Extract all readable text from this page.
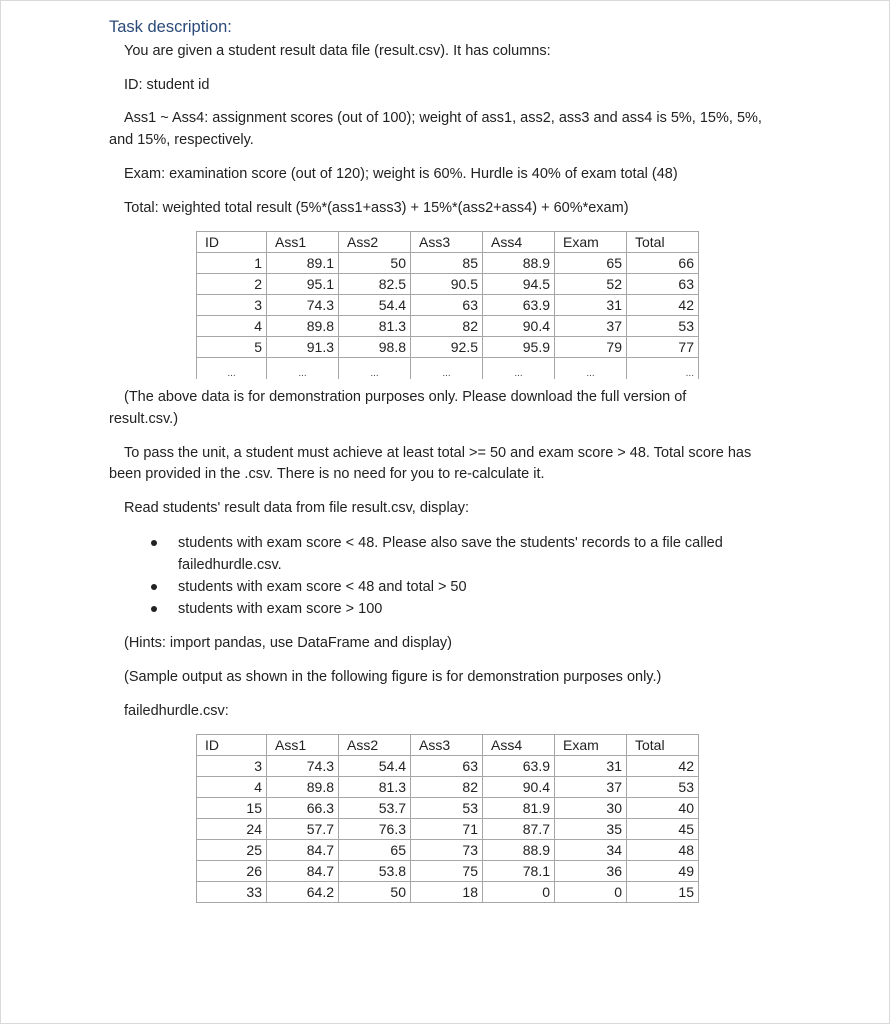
Task description:
You are given a student result data file (result.csv). It has columns:
ID: student id
Ass1 ~ Ass4: assignment scores (out of 100); weight of ass1, ass2, ass3 and ass4 is 5%, 15%, 5%,
and 15%, respectively.
Exam: examination score (out of 120); weight is 60%. Hurdle is 40% of exam total (48)
Total: weighted total result (5%*(ass1+ass3) + 15%*(ass2+ass4) + 60%*exam)
ID	Ass1	Ass2	Ass3	Ass4	Exam	Total
1	89.1	50	85	88.9	65	66
2	95.1	82.5	90.5	94.5	52	63
3	74.3	54.4	63	63.9	31	42
4	89.8	81.3	82	90.4	37	53
5	91.3	98.8	92.5	95.9	79	77
...	...	...	...	...	...	...
(The above data is for demonstration purposes only. Please download the full version of
result.csv.)
To pass the unit, a student must achieve at least total >= 50 and exam score > 48. Total score has
been provided in the .csv. There is no need for you to re-calculate it.
Read students' result data from file result.csv, display:
students with exam score < 48. Please also save the students' records to a file called
failedhurdle.csv.
students with exam score < 48 and total > 50
students with exam score > 100
(Hints: import pandas, use DataFrame and display)
(Sample output as shown in the following figure is for demonstration purposes only.)
failedhurdle.csv:
ID	Ass1	Ass2	Ass3	Ass4	Exam	Total
3	74.3	54.4	63	63.9	31	42
4	89.8	81.3	82	90.4	37	53
15	66.3	53.7	53	81.9	30	40
24	57.7	76.3	71	87.7	35	45
25	84.7	65	73	88.9	34	48
26	84.7	53.8	75	78.1	36	49
33	64.2	50	18	0	0	15
